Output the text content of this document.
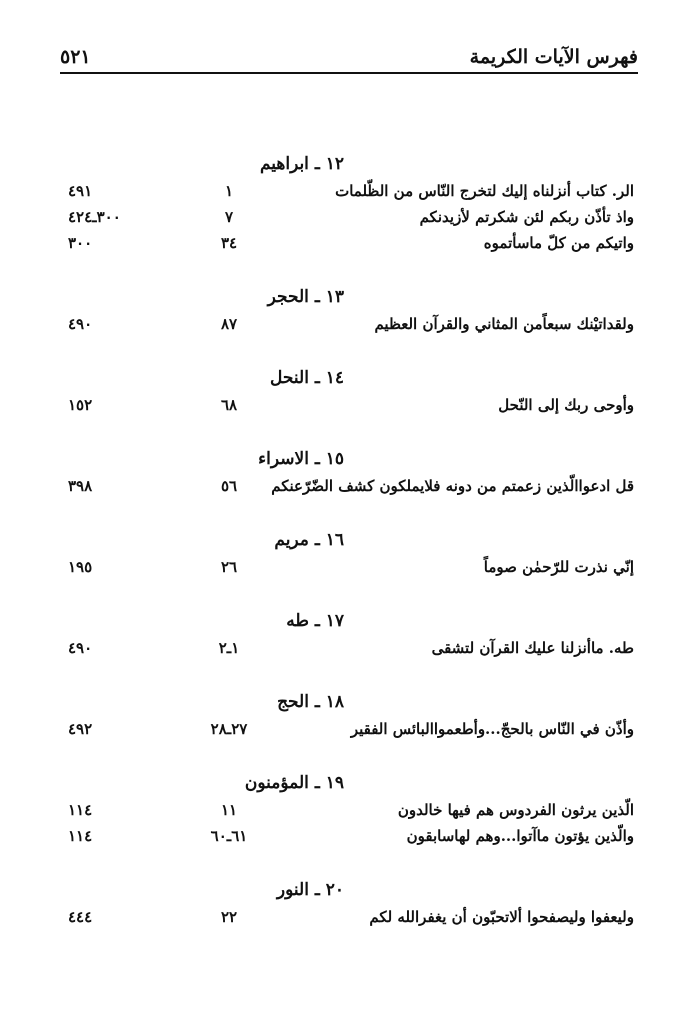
فهرس الآيات الكريمة
٥٢١
١٢ ـ ابراهيم
الر. كتاب أنزلناه إليك لتخرج النّاس من الظّلمات
١
٤٩١
واذ تأذّن ربكم لئن شكرتم لأزيدنكم
٧
٣٠٠ـ٤٢٤
واتيكم من كلّ ماسأتموه
٣٤
٣٠٠
١٣ ـ الحجر
ولقداتيْنك سبعاًمن المثاني والقرآن العظيم
٨٧
٤٩٠
١٤ ـ النحل
وأوحى ربك إلى النّحل
٦٨
١٥٢
١٥ ـ الاسراء
قل ادعواالّذين زعمتم من دونه فلايملكون كشف الضّرّعنكم
٥٦
٣٩٨
١٦ ـ مريم
إنّي نذرت للرّحمٰن صوماً
٢٦
١٩٥
١٧ ـ طه
طه. ماأنزلنا عليك القرآن لتشقى
١ـ٢
٤٩٠
١٨ ـ الحج
وأذّن في النّاس بالحجّ...وأطعمواالبائس الفقير
٢٧ـ٢٨
٤٩٢
١٩ ـ المؤمنون
الّذين يرثون الفردوس هم فيها خالدون
١١
١١٤
والّذين يؤتون ماآتوا...وهم لهاسابقون
٦١ـ٦٠
١١٤
٢٠ ـ النور
وليعفوا وليصفحوا ألاتحبّون أن يغفرالله لكم
٢٢
٤٤٤
